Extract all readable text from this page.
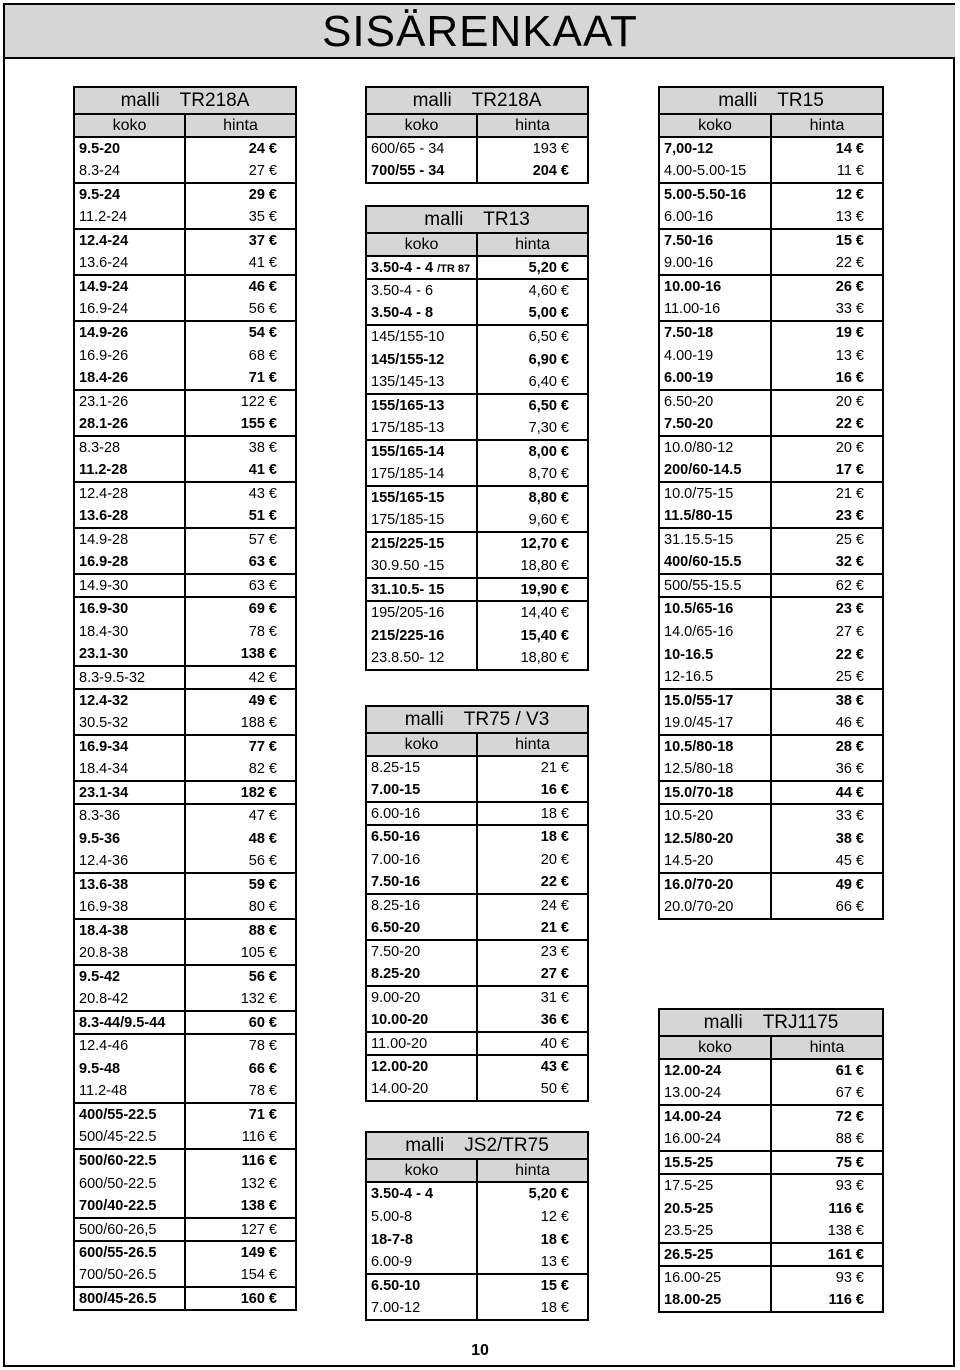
SISÄRENKAAT
malli TR218A	
koko	hinta
9.5-20	24 €
8.3-24	27 €
9.5-24	29 €
11.2-24	35 €
12.4-24	37 €
13.6-24	41 €
14.9-24	46 €
16.9-24	56 €
14.9-26	54 €
16.9-26	68 €
18.4-26	71 €
23.1-26	122 €
28.1-26	155 €
8.3-28	38 €
11.2-28	41 €
12.4-28	43 €
13.6-28	51 €
14.9-28	57 €
16.9-28	63 €
14.9-30	63 €
16.9-30	69 €
18.4-30	78 €
23.1-30	138 €
8.3-9.5-32	42 €
12.4-32	49 €
30.5-32	188 €
16.9-34	77 €
18.4-34	82 €
23.1-34	182 €
8.3-36	47 €
9.5-36	48 €
12.4-36	56 €
13.6-38	59 €
16.9-38	80 €
18.4-38	88 €
20.8-38	105 €
9.5-42	56 €
20.8-42	132 €
8.3-44/9.5-44	60 €
12.4-46	78 €
9.5-48	66 €
11.2-48	78 €
400/55-22.5	71 €
500/45-22.5	116 €
500/60-22.5	116 €
600/50-22.5	132 €
700/40-22.5	138 €
500/60-26,5	127 €
600/55-26.5	149 €
700/50-26.5	154 €
800/45-26.5	160 €
malli TR218A	
koko	hinta
600/65 - 34	193 €
700/55 - 34	204 €
malli TR13	
koko	hinta
3.50-4 - 4 /TR 87	5,20 €
3.50-4 - 6	4,60 €
3.50-4 - 8	5,00 €
145/155-10	6,50 €
145/155-12	6,90 €
135/145-13	6,40 €
155/165-13	6,50 €
175/185-13	7,30 €
155/165-14	8,00 €
175/185-14	8,70 €
155/165-15	8,80 €
175/185-15	9,60 €
215/225-15	12,70 €
30.9.50 -15	18,80 €
31.10.5- 15	19,90 €
195/205-16	14,40 €
215/225-16	15,40 €
23.8.50- 12	18,80 €
malli TR75 / V3	
koko	hinta
8.25-15	21 €
7.00-15	16 €
6.00-16	18 €
6.50-16	18 €
7.00-16	20 €
7.50-16	22 €
8.25-16	24 €
6.50-20	21 €
7.50-20	23 €
8.25-20	27 €
9.00-20	31 €
10.00-20	36 €
11.00-20	40 €
12.00-20	43 €
14.00-20	50 €
malli JS2/TR75	
koko	hinta
3.50-4 - 4	5,20 €
5.00-8	12 €
18-7-8	18 €
6.00-9	13 €
6.50-10	15 €
7.00-12	18 €
malli TR15	
koko	hinta
7,00-12	14 €
4.00-5.00-15	11 €
5.00-5.50-16	12 €
6.00-16	13 €
7.50-16	15 €
9.00-16	22 €
10.00-16	26 €
11.00-16	33 €
7.50-18	19 €
4.00-19	13 €
6.00-19	16 €
6.50-20	20 €
7.50-20	22 €
10.0/80-12	20 €
200/60-14.5	17 €
10.0/75-15	21 €
11.5/80-15	23 €
31.15.5-15	25 €
400/60-15.5	32 €
500/55-15.5	62 €
10.5/65-16	23 €
14.0/65-16	27 €
10-16.5	22 €
12-16.5	25 €
15.0/55-17	38 €
19.0/45-17	46 €
10.5/80-18	28 €
12.5/80-18	36 €
15.0/70-18	44 €
10.5-20	33 €
12.5/80-20	38 €
14.5-20	45 €
16.0/70-20	49 €
20.0/70-20	66 €
malli TRJ1175	
koko	hinta
12.00-24	61 €
13.00-24	67 €
14.00-24	72 €
16.00-24	88 €
15.5-25	75 €
17.5-25	93 €
20.5-25	116 €
23.5-25	138 €
26.5-25	161 €
16.00-25	93 €
18.00-25	116 €
10
